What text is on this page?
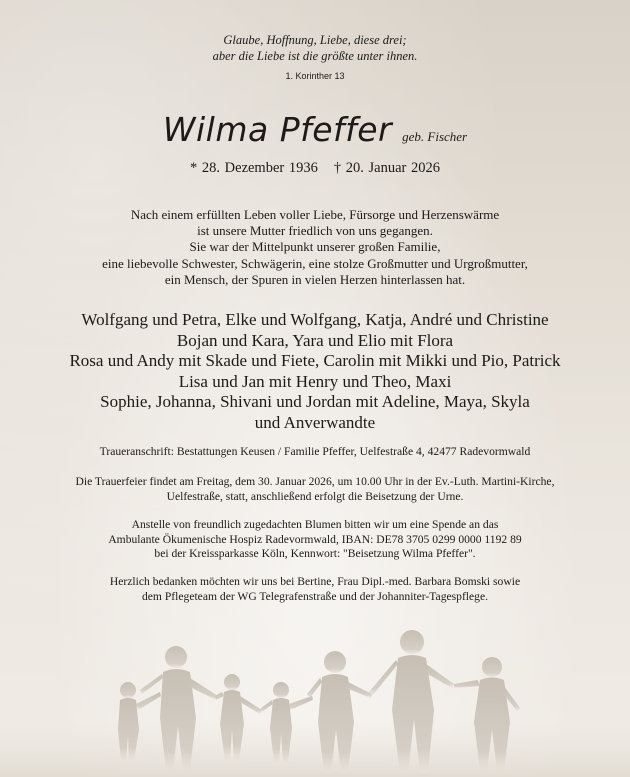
Glaube, Hoffnung, Liebe, diese drei;
aber die Liebe ist die größte unter ihnen.
1. Korinther 13
Wilma Pfeffer geb. Fischer
* 28. Dezember 1936 † 20. Januar 2026
Nach einem erfüllten Leben voller Liebe, Fürsorge und Herzenswärme
ist unsere Mutter friedlich von uns gegangen.
Sie war der Mittelpunkt unserer großen Familie,
eine liebevolle Schwester, Schwägerin, eine stolze Großmutter und Urgroßmutter,
ein Mensch, der Spuren in vielen Herzen hinterlassen hat.
Wolfgang und Petra, Elke und Wolfgang, Katja, André und Christine
Bojan und Kara, Yara und Elio mit Flora
Rosa und Andy mit Skade und Fiete, Carolin mit Mikki und Pio, Patrick
Lisa und Jan mit Henry und Theo, Maxi
Sophie, Johanna, Shivani und Jordan mit Adeline, Maya, Skyla
und Anverwandte
Traueranschrift: Bestattungen Keusen / Familie Pfeffer, Uelfestraße 4, 42477 Radevormwald
Die Trauerfeier findet am Freitag, dem 30. Januar 2026, um 10.00 Uhr in der Ev.-Luth. Martini-Kirche,
Uelfestraße, statt, anschließend erfolgt die Beisetzung der Urne.
Anstelle von freundlich zugedachten Blumen bitten wir um eine Spende an das
Ambulante Ökumenische Hospiz Radevormwald, IBAN: DE78 3705 0299 0000 1192 89
bei der Kreissparkasse Köln, Kennwort: "Beisetzung Wilma Pfeffer".
Herzlich bedanken möchten wir uns bei Bertine, Frau Dipl.-med. Barbara Bomski sowie
dem Pflegeteam der WG Telegrafenstraße und der Johanniter-Tagespflege.
